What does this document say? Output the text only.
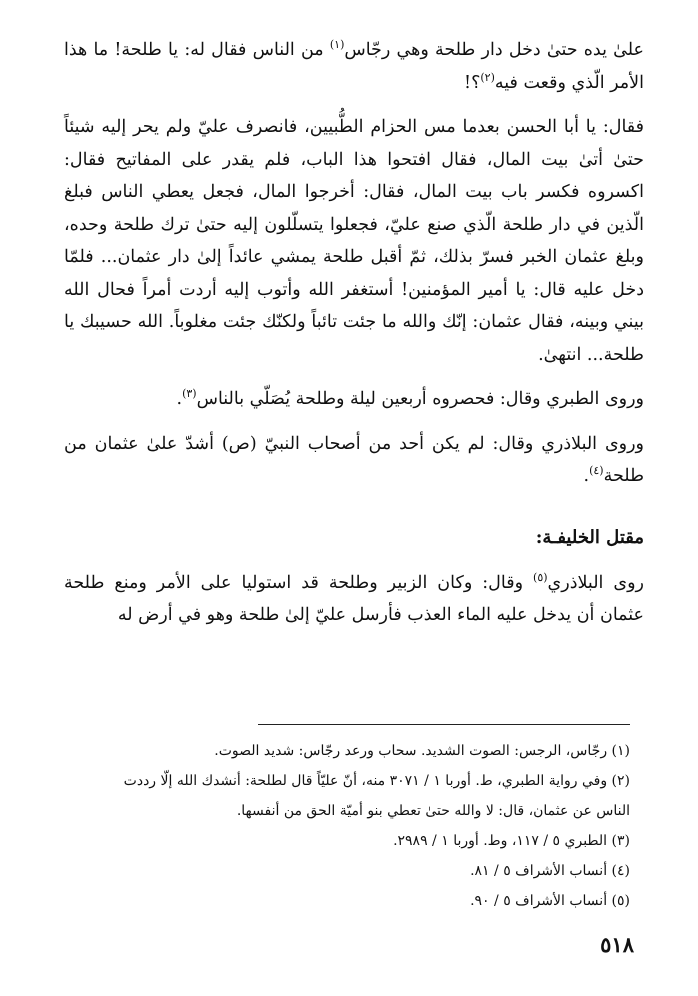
علىٰ يده حتىٰ دخل دار طلحة وهي رجّاس$^{(١)}$ من الناس فقال له: يا طلحة! ما هذا الأمر الّذي وقعت فيه$^{(٢)}$؟!

فقال: يا أبا الحسن بعدما مس الحزام الطُّبيين، فانصرف عليّ ولم يحر إليه شيئاً حتىٰ أتىٰ بيت المال، فقال افتحوا هذا الباب، فلم يقدر على المفاتيح فقال: اكسروه فكسر باب بيت المال، فقال: أخرجوا المال، فجعل يعطي الناس فبلغ الّذين في دار طلحة الّذي صنع عليّ، فجعلوا يتسلّلون إليه حتىٰ ترك طلحة وحده، وبلغ عثمان الخبر فسرّ بذلك، ثمّ أقبل طلحة يمشي عائداً إلىٰ دار عثمان... فلمّا دخل عليه قال: يا أمير المؤمنين! أستغفر الله وأتوب إليه أردت أمراً فحال الله بيني وبينه، فقال عثمان: إنّك والله ما جئت تائباً ولكنّك جئت مغلوباً. الله حسيبك يا طلحة... انتهىٰ.

وروى الطبري وقال: فحصروه أربعين ليلة وطلحة يُصَلّي بالناس$^{(٣)}$.

وروى البلاذري وقال: لم يكن أحد من أصحاب النبيّ (ص) أشدّ علىٰ عثمان من طلحة$^{(٤)}$.

مقتل الخليفـة:

روى البلاذري$^{(٥)}$ وقال: وكان الزبير وطلحة قد استوليا على الأمر ومنع طلحة عثمان أن يدخل عليه الماء العذب فأرسل عليّ إلىٰ طلحة وهو في أرض له

(١) رجّاس، الرجس: الصوت الشديد. سحاب ورعد رجّاس: شديد الصوت.

(٢) وفي رواية الطبري، ط. أوربا ١ / ٣٠٧١ منه، أنّ عليّاً قال لطلحة: أنشدك الله إلّا رددت

الناس عن عثمان، قال: لا والله حتىٰ تعطي بنو أميّة الحق من أنفسها.

(٣) الطبري ٥ / ١١٧، وط. أوربا ١ / ٢٩٨٩.

(٤) أنساب الأشراف ٥ / ٨١.

(٥) أنساب الأشراف ٥ / ٩٠.

٥١٨
